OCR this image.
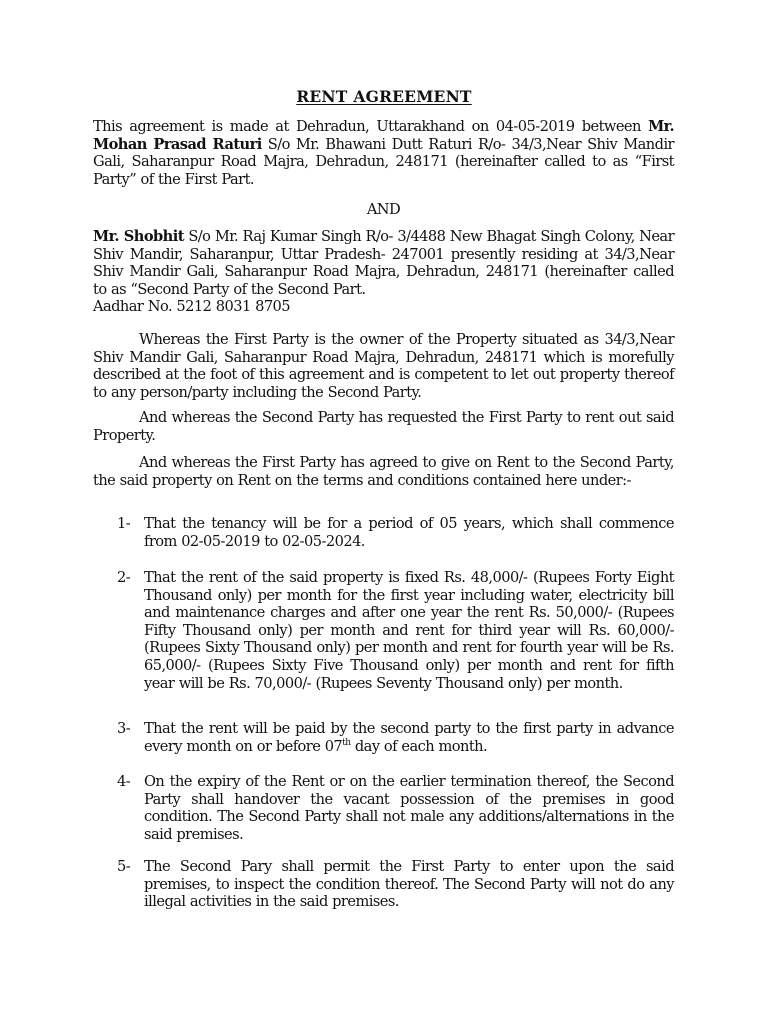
RENT AGREEMENT

This agreement is made at Dehradun, Uttarakhand on 04-05-2019 between Mr. Mohan Prasad Raturi S/o Mr. Bhawani Dutt Raturi R/o- 34/3,Near Shiv Mandir Gali, Saharanpur Road Majra, Dehradun, 248171 (hereinafter called to as “First Party” of the First Part.

AND

Mr. Shobhit S/o Mr. Raj Kumar Singh R/o- 3/4488 New Bhagat Singh Colony, Near Shiv Mandir, Saharanpur, Uttar Pradesh- 247001 presently residing at 34/3,Near Shiv Mandir Gali, Saharanpur Road Majra, Dehradun, 248171 (hereinafter called to as “Second Party of the Second Part.
Aadhar No. 5212 8031 8705

Whereas the First Party is the owner of the Property situated as 34/3,Near Shiv Mandir Gali, Saharanpur Road Majra, Dehradun, 248171 which is morefully described at the foot of this agreement and is competent to let out property thereof to any person/party including the Second Party.

And whereas the Second Party has requested the First Party to rent out said Property.

And whereas the First Party has agreed to give on Rent to the Second Party, the said property on Rent on the terms and conditions contained here under:-

1- That the tenancy will be for a period of 05 years, which shall commence from 02-05-2019 to 02-05-2024.
2- That the rent of the said property is fixed Rs. 48,000/- (Rupees Forty Eight Thousand only) per month for the first year including water, electricity bill and maintenance charges and after one year the rent Rs. 50,000/- (Rupees Fifty Thousand only) per month and rent for third year will Rs. 60,000/- (Rupees Sixty Thousand only) per month and rent for fourth year will be Rs. 65,000/- (Rupees Sixty Five Thousand only) per month and rent for fifth year will be Rs. 70,000/- (Rupees Seventy Thousand only) per month.
3- That the rent will be paid by the second party to the first party in advance every month on or before 07th day of each month.
4- On the expiry of the Rent or on the earlier termination thereof, the Second Party shall handover the vacant possession of the premises in good condition. The Second Party shall not male any additions/alternations in the said premises.
5- The Second Pary shall permit the First Party to enter upon the said premises, to inspect the condition thereof. The Second Party will not do any illegal activities in the said premises.
